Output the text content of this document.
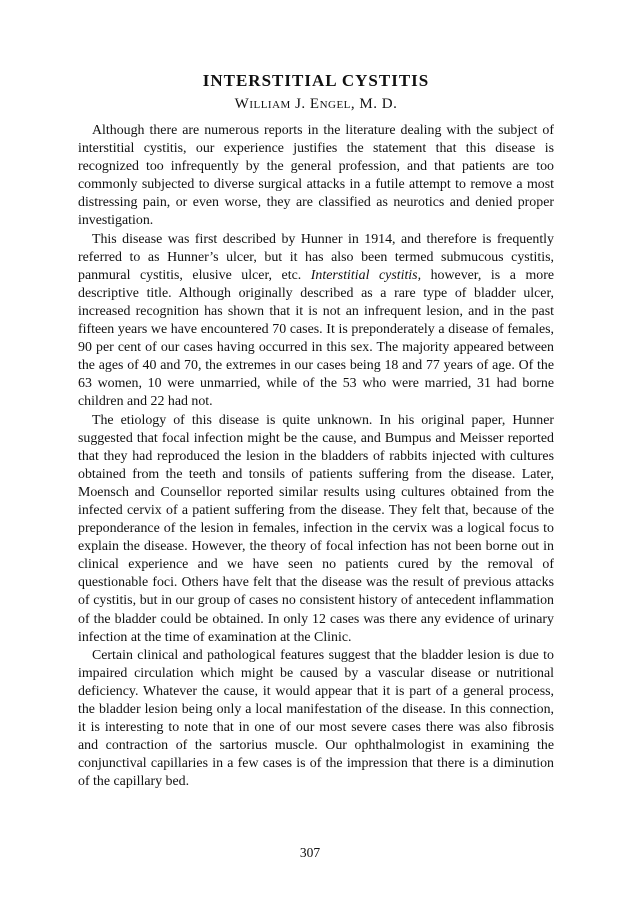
INTERSTITIAL CYSTITIS
William J. Engel, M. D.

Although there are numerous reports in the literature dealing with the subject of interstitial cystitis, our experience justifies the statement that this disease is recognized too infrequently by the general profession, and that patients are too commonly subjected to diverse surgical attacks in a futile attempt to remove a most distressing pain, or even worse, they are classified as neurotics and denied proper investigation.

This disease was first described by Hunner in 1914, and therefore is frequently referred to as Hunner’s ulcer, but it has also been termed submucous cystitis, panmural cystitis, elusive ulcer, etc. Interstitial cystitis, however, is a more descriptive title. Although originally described as a rare type of bladder ulcer, increased recognition has shown that it is not an infrequent lesion, and in the past fifteen years we have encountered 70 cases. It is preponderately a disease of females, 90 per cent of our cases having occurred in this sex. The majority appeared between the ages of 40 and 70, the extremes in our cases being 18 and 77 years of age. Of the 63 women, 10 were unmarried, while of the 53 who were married, 31 had borne children and 22 had not.

The etiology of this disease is quite unknown. In his original paper, Hunner suggested that focal infection might be the cause, and Bumpus and Meisser reported that they had reproduced the lesion in the bladders of rabbits injected with cultures obtained from the teeth and tonsils of patients suffering from the disease. Later, Moensch and Counsellor reported similar results using cultures obtained from the infected cervix of a patient suffering from the disease. They felt that, because of the preponderance of the lesion in females, infection in the cervix was a logical focus to explain the disease. However, the theory of focal infection has not been borne out in clinical experience and we have seen no patients cured by the removal of questionable foci. Others have felt that the disease was the result of previous attacks of cystitis, but in our group of cases no consistent history of antecedent inflammation of the bladder could be obtained. In only 12 cases was there any evidence of urinary infection at the time of examination at the Clinic.

Certain clinical and pathological features suggest that the bladder lesion is due to impaired circulation which might be caused by a vascular disease or nutritional deficiency. Whatever the cause, it would appear that it is part of a general process, the bladder lesion being only a local manifestation of the disease. In this connection, it is interesting to note that in one of our most severe cases there was also fibrosis and contraction of the sartorius muscle. Our ophthalmologist in examining the conjunctival capillaries in a few cases is of the impression that there is a diminution of the capillary bed.

307
